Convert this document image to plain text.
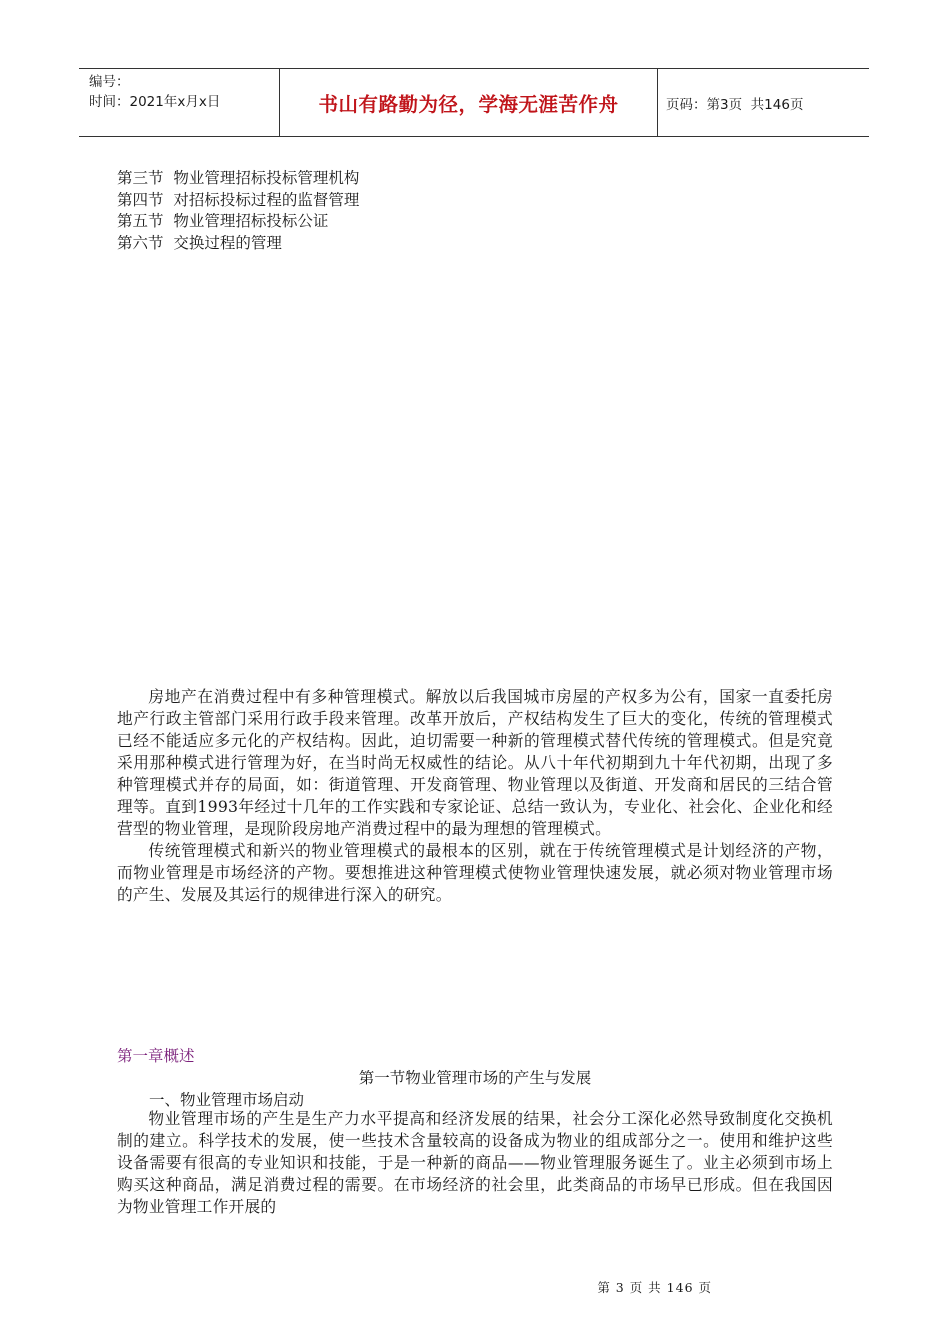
编号：
时间：2021年x月x日	书山有路勤为径，学海无涯苦作舟	页码：第3页  共146页
第三节  物业管理招标投标管理机构
第四节  对招标投标过程的监督管理
第五节  物业管理招标投标公证
第六节  交换过程的管理

房地产在消费过程中有多种管理模式。解放以后我国城市房屋的产权多为公有，国家一直委托房地产行政主管部门采用行政手段来管理。改革开放后，产权结构发生了巨大的变化，传统的管理模式已经不能适应多元化的产权结构。因此，迫切需要一种新的管理模式替代传统的管理模式。但是究竟采用那种模式进行管理为好，在当时尚无权威性的结论。从八十年代初期到九十年代初期，出现了多种管理模式并存的局面，如：街道管理、开发商管理、物业管理以及街道、开发商和居民的三结合管理等。直到1993年经过十几年的工作实践和专家论证、总结一致认为，专业化、社会化、企业化和经营型的物业管理，是现阶段房地产消费过程中的最为理想的管理模式。

传统管理模式和新兴的物业管理模式的最根本的区别，就在于传统管理模式是计划经济的产物，而物业管理是市场经济的产物。要想推进这种管理模式使物业管理快速发展，就必须对物业管理市场的产生、发展及其运行的规律进行深入的研究。

第一章概述
第一节物业管理市场的产生与发展
一、物业管理市场启动

物业管理市场的产生是生产力水平提高和经济发展的结果，社会分工深化必然导致制度化交换机制的建立。科学技术的发展，使一些技术含量较高的设备成为物业的组成部分之一。使用和维护这些设备需要有很高的专业知识和技能，于是一种新的商品——物业管理服务诞生了。业主必须到市场上购买这种商品，满足消费过程的需要。在市场经济的社会里，此类商品的市场早已形成。但在我国因为物业管理工作开展的

第 3 页 共 146 页
